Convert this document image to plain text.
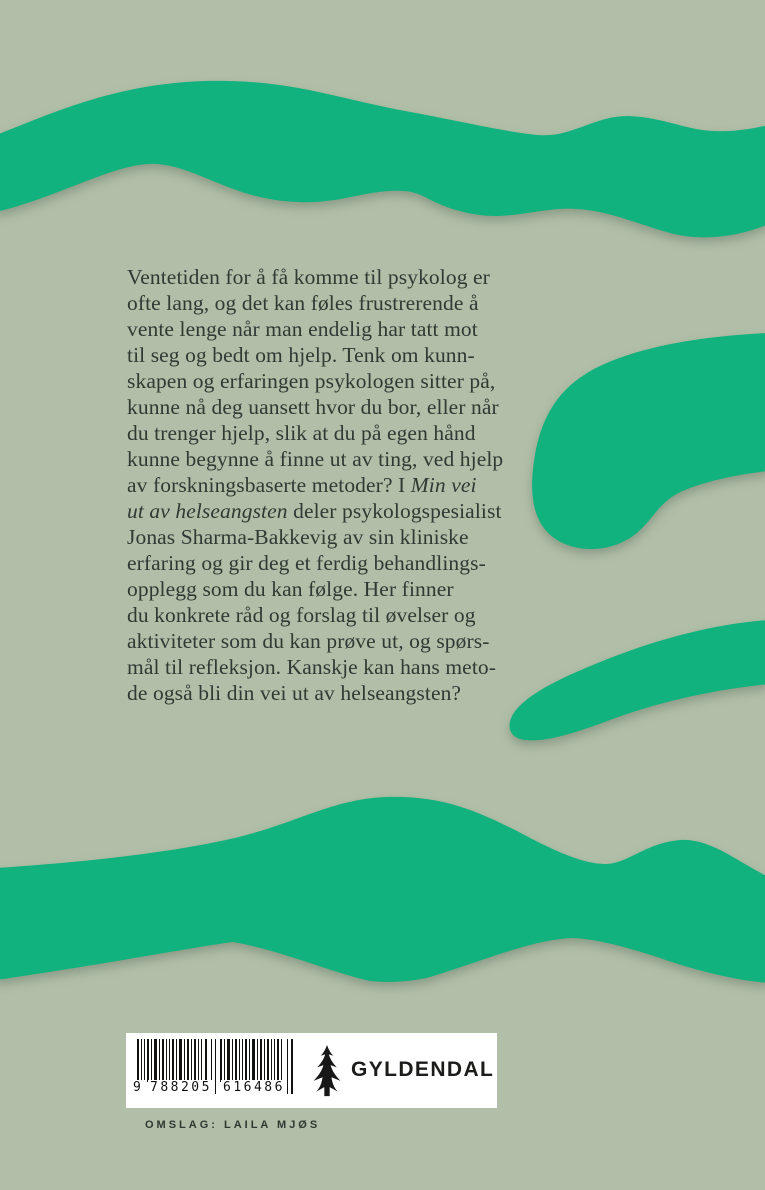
Ventetiden for å få komme til psykolog er
ofte lang, og det kan føles frustrerende å
vente lenge når man endelig har tatt mot
til seg og bedt om hjelp. Tenk om kunn-
skapen og erfaringen psykologen sitter på,
kunne nå deg uansett hvor du bor, eller når
du trenger hjelp, slik at du på egen hånd
kunne begynne å finne ut av ting, ved hjelp
av forskningsbaserte metoder? I Min vei
ut av helseangsten deler psykologspesialist
Jonas Sharma-Bakkevig av sin kliniske
erfaring og gir deg et ferdig behandlings-
opplegg som du kan følge. Her finner
du konkrete råd og forslag til øvelser og
aktiviteter som du kan prøve ut, og spørs-
mål til refleksjon. Kanskje kan hans meto-
de også bli din vei ut av helseangsten?
9 788205 616486
GYLDENDAL
OMSLAG: LAILA MJØS
